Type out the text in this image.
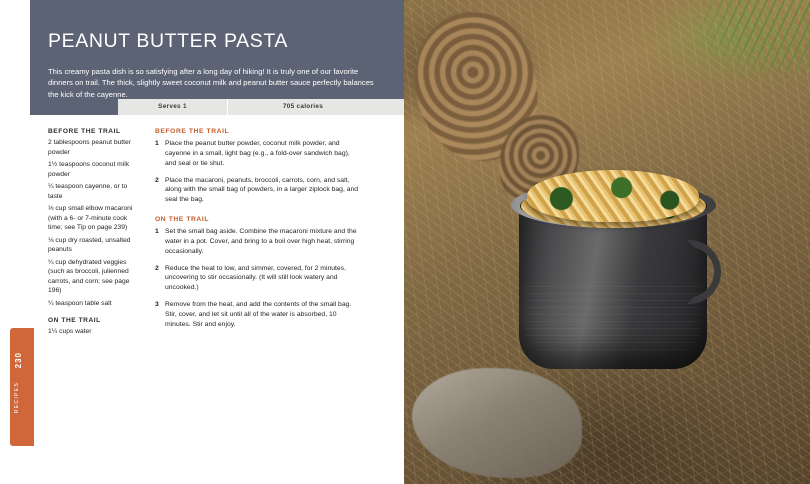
PEANUT BUTTER PASTA

This creamy pasta dish is so satisfying after a long day of hiking! It is truly one of our favorite dinners on trail. The thick, slightly sweet coconut milk and peanut butter sauce perfectly balances the kick of the cayenne.

Serves 1	705 calories
BEFORE THE TRAIL
2 tablespoons peanut butter powder
1½ teaspoons coconut milk powder
¼ teaspoon cayenne, or to taste
⅓ cup small elbow macaroni (with a 6- or 7-minute cook time; see Tip on page 239)
⅛ cup dry roasted, unsalted peanuts
¼ cup dehydrated veggies (such as broccoli, julienned carrots, and corn; see page 196)
¼ teaspoon table salt
ON THE TRAIL
1¼ cups water
BEFORE THE TRAIL
1 Place the peanut butter powder, coconut milk powder, and cayenne in a small, light bag (e.g., a fold-over sandwich bag), and seal or tie shut.
2 Place the macaroni, peanuts, broccoli, carrots, corn, and salt, along with the small bag of powders, in a larger ziplock bag, and seal the bag.
ON THE TRAIL
1 Set the small bag aside. Combine the macaroni mixture and the water in a pot. Cover, and bring to a boil over high heat, stirring occasionally.
2 Reduce the heat to low, and simmer, covered, for 2 minutes, uncovering to stir occasionally. (It will still look watery and uncooked.)
3 Remove from the heat, and add the contents of the small bag. Stir, cover, and let sit until all of the water is absorbed, 10 minutes. Stir and enjoy.
230
RECIPES
